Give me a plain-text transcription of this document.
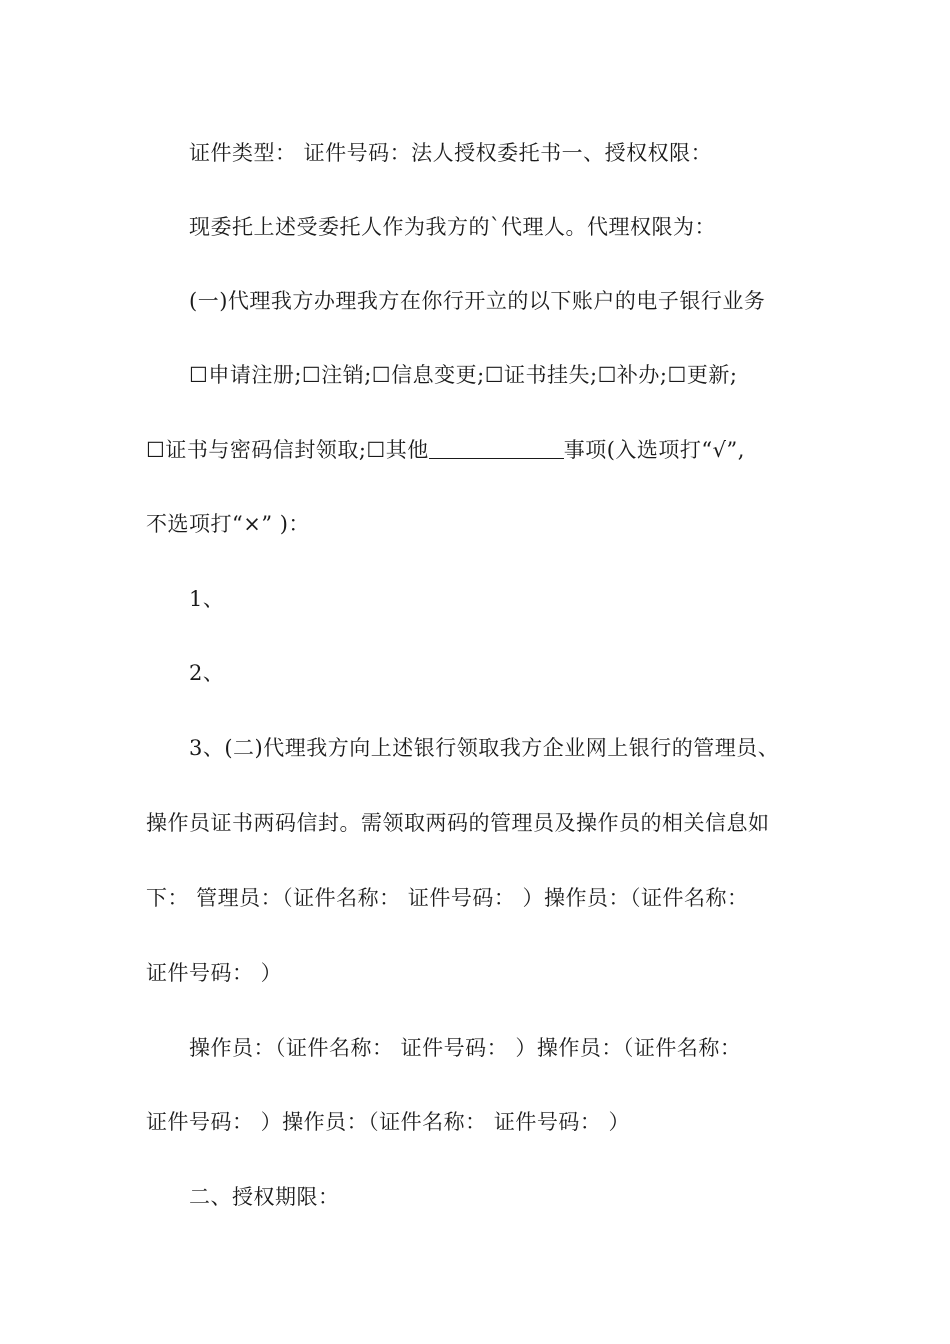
证件类型： 证件号码：法人授权委托书一、授权权限：
现委托上述受委托人作为我方的`代理人。代理权限为：
(一)代理我方办理我方在你行开立的以下账户的电子银行业务
☐申请注册;☐注销;☐信息变更;☐证书挂失;☐补办;☐更新;
☐证书与密码信封领取;☐其他	事项(入选项打“√”,
不选项打“×” )：
1、
2、
3、(二)代理我方向上述银行领取我方企业网上银行的管理员、
操作员证书两码信封。需领取两码的管理员及操作员的相关信息如
下： 管理员：（证件名称： 证件号码： ）操作员：（证件名称：
证件号码： ）
操作员：（证件名称： 证件号码： ）操作员：（证件名称：
证件号码： ）操作员：（证件名称： 证件号码： ）
二、授权期限：
